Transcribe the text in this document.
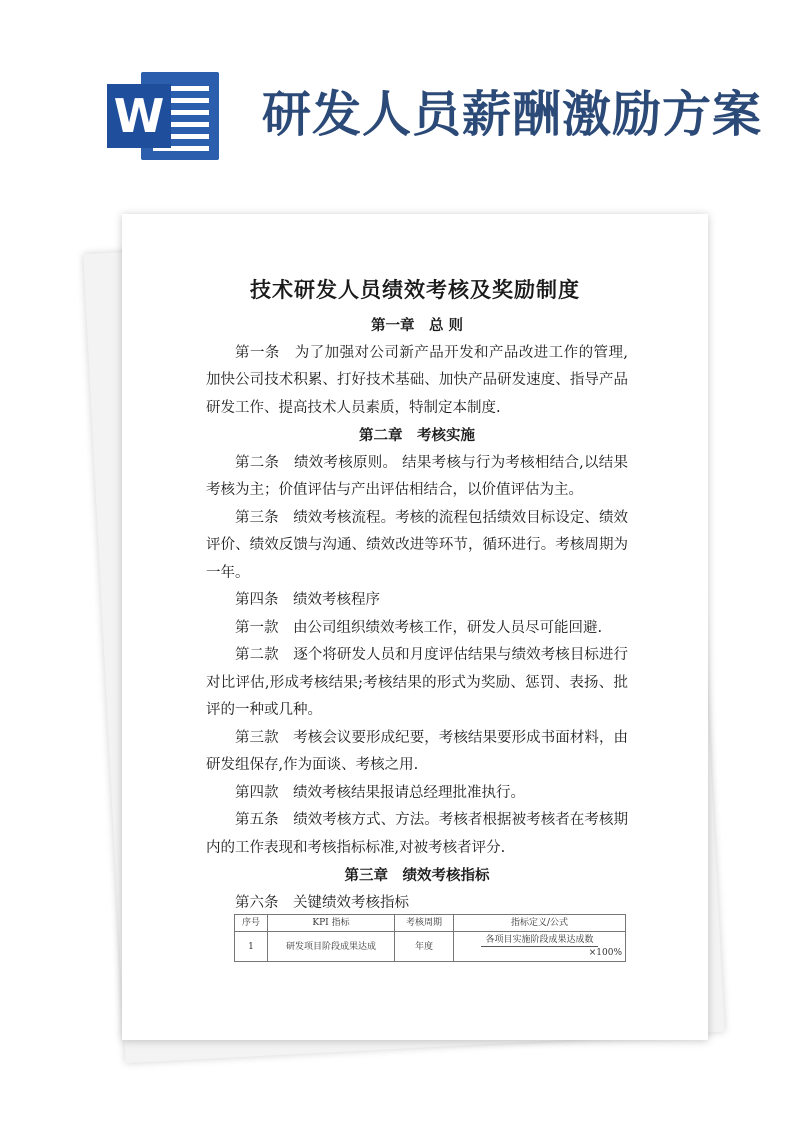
W 研发人员薪酬激励方案
技术研发人员绩效考核及奖励制度
第一章　总 则

第一条　为了加强对公司新产品开发和产品改进工作的管理,加快公司技术积累、打好技术基础、加快产品研发速度、指导产品研发工作、提高技术人员素质，特制定本制度.

第二章　考核实施

第二条　绩效考核原则。 结果考核与行为考核相结合,以结果考核为主；价值评估与产出评估相结合，以价值评估为主。

第三条　绩效考核流程。考核的流程包括绩效目标设定、绩效评价、绩效反馈与沟通、绩效改进等环节，循环进行。考核周期为一年。

第四条　绩效考核程序

第一款　由公司组织绩效考核工作，研发人员尽可能回避.

第二款　逐个将研发人员和月度评估结果与绩效考核目标进行对比评估,形成考核结果;考核结果的形式为奖励、惩罚、表扬、批评的一种或几种。

第三款　考核会议要形成纪要，考核结果要形成书面材料，由研发组保存,作为面谈、考核之用.

第四款　绩效考核结果报请总经理批准执行。

第五条　绩效考核方式、方法。考核者根据被考核者在考核期内的工作表现和考核指标标准,对被考核者评分.

第三章　绩效考核指标

第六条　关键绩效考核指标

序号	KPI 指标	考核周期	指标定义/公式
1	研发项目阶段成果达成	年度	各项目实施阶段成果达成数
×100%
